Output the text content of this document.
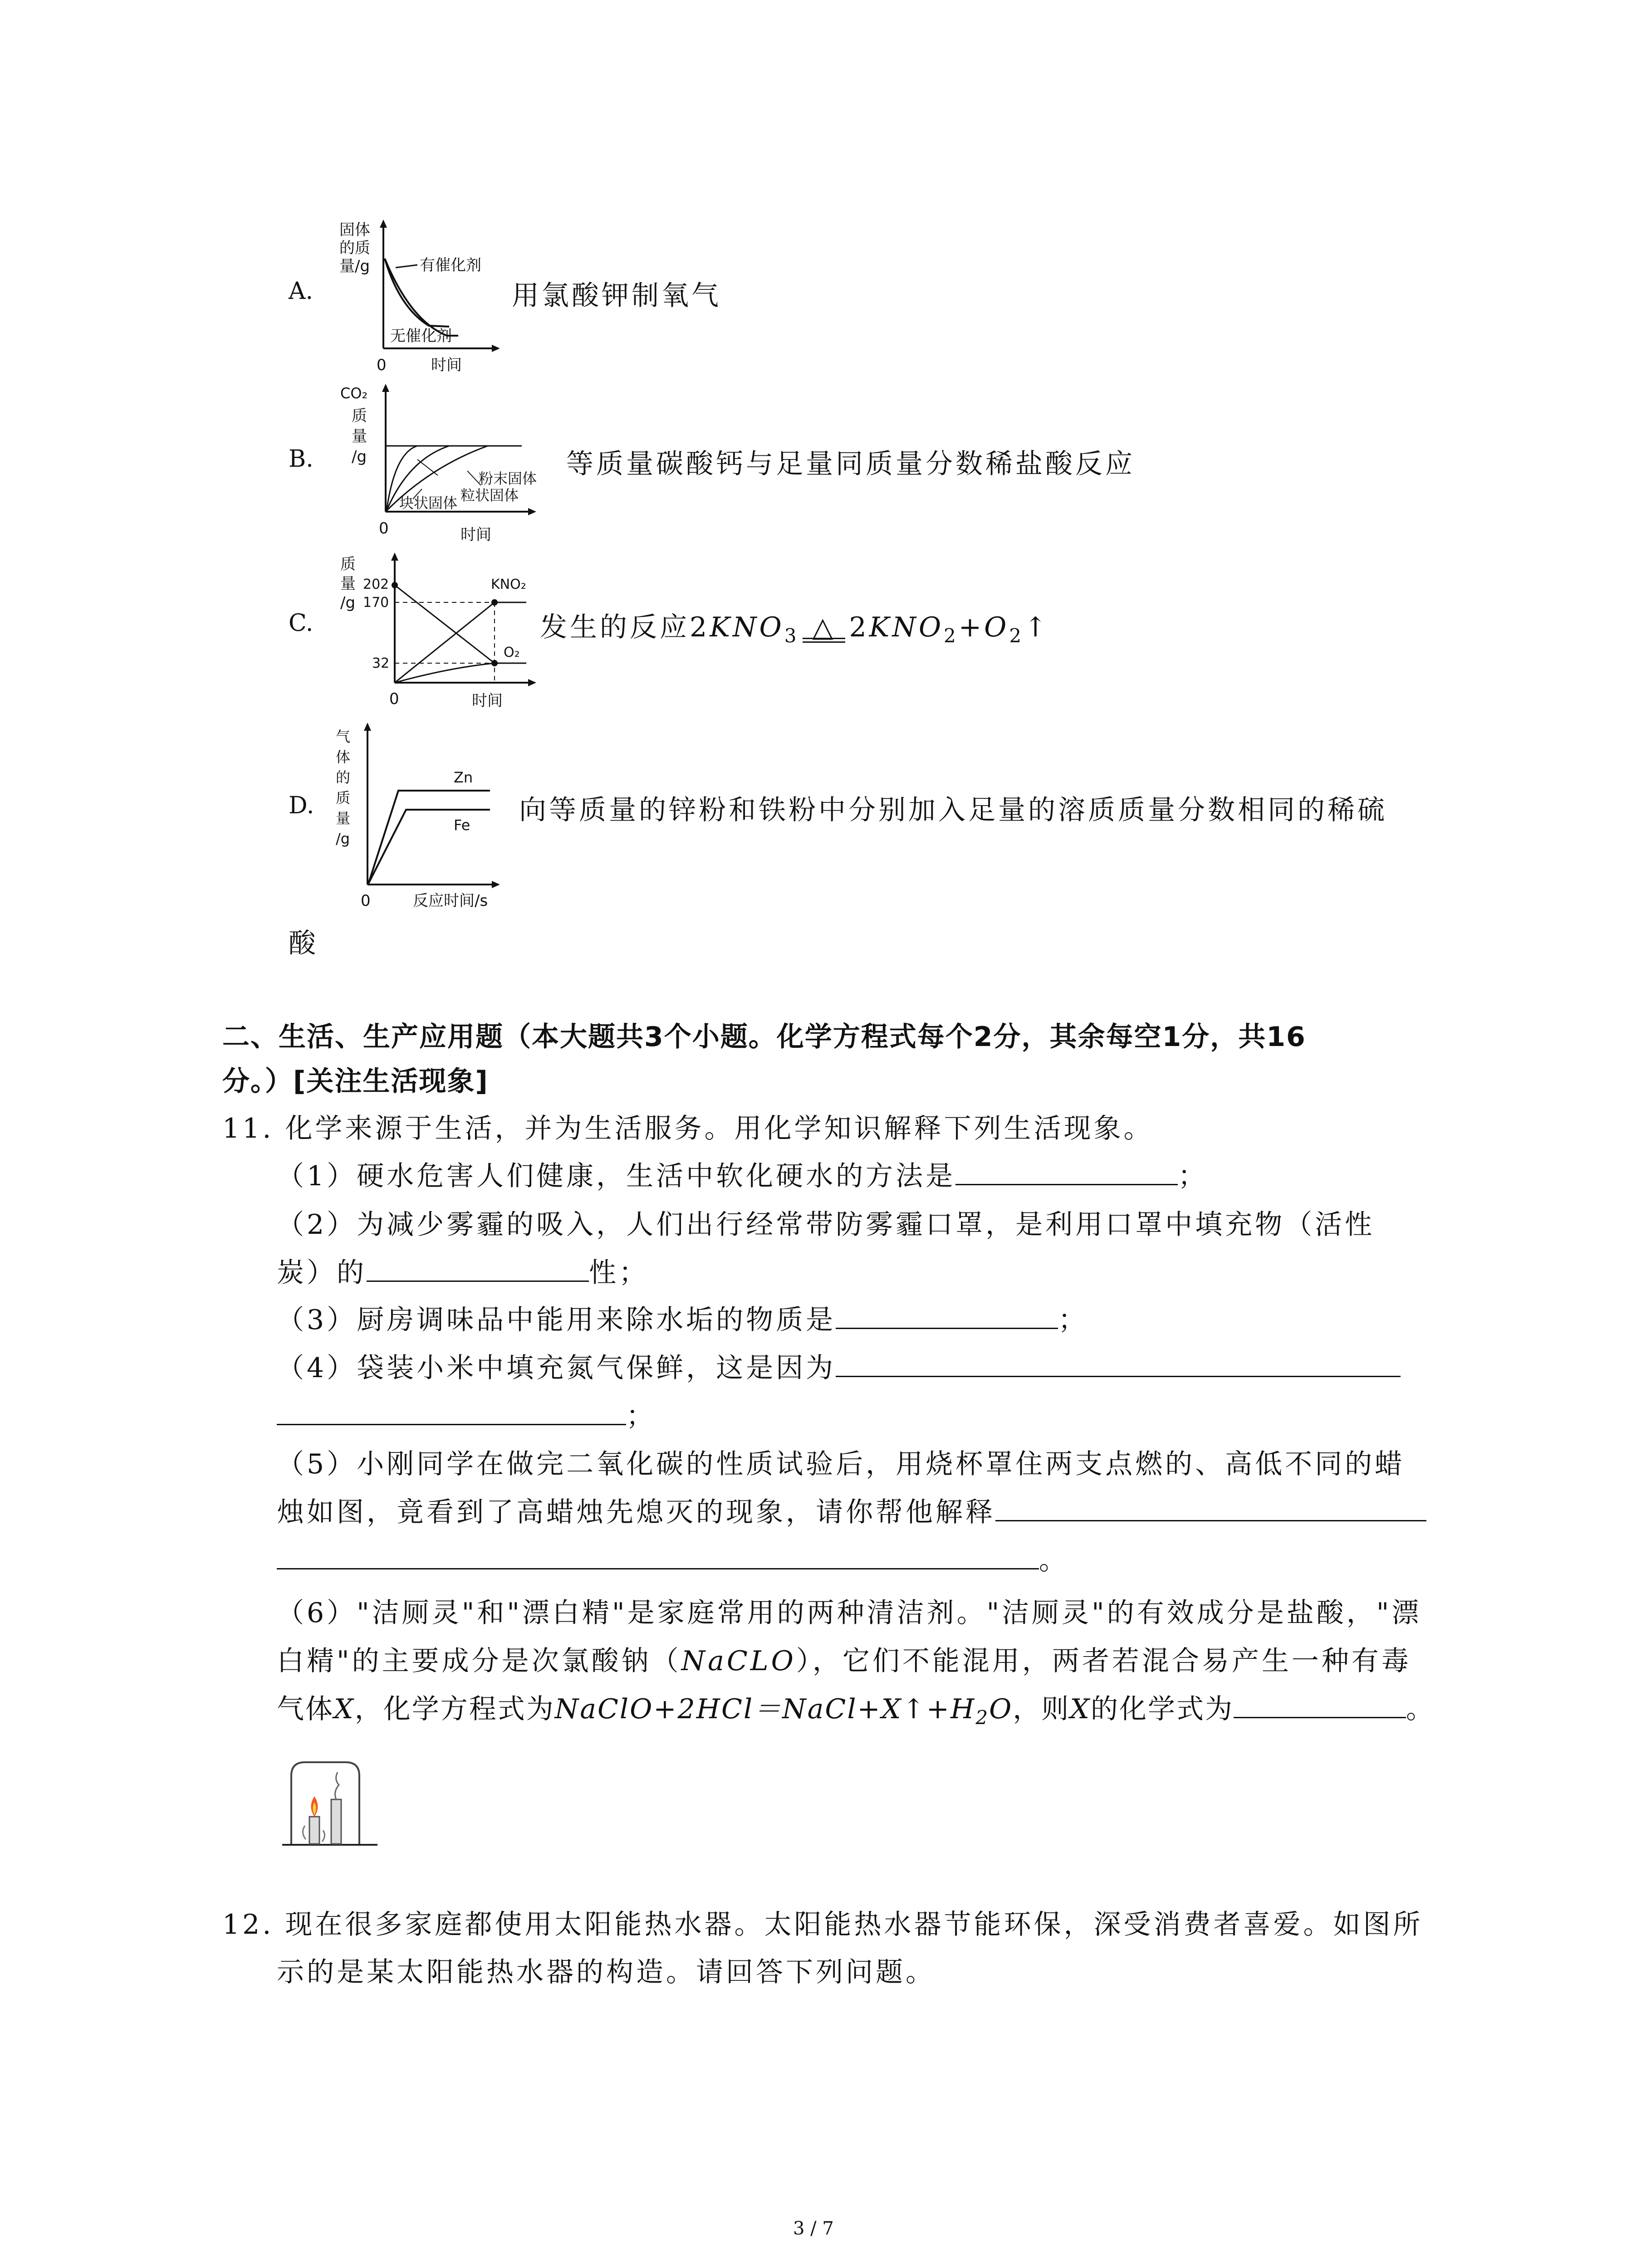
A.
固体
的质
量/g	有催化剂
无催化剂
0	时间
用氯酸钾制氧气
B.
CO₂
质
量
/g
粉末固体
粒状固体
块状固体
0	时间
等质量碳酸钙与足量同质量分数稀盐酸反应
C.
质
量
/g
202
170
32
KNO₂
O₂
0	时间
发生的反应$2KNO_3$ △ $2KNO_2+O_2↑$
D.
气
体
的
质
量
/g
Zn
Fe
0	反应时间/s
向等质量的锌粉和铁粉中分别加入足量的溶质质量分数相同的稀硫
酸
二、生活、生产应用题（本大题共3个小题。化学方程式每个2分，其余每空1分，共16
分。）[关注生活现象]
11. 化学来源于生活，并为生活服务。用化学知识解释下列生活现象。
（1）硬水危害人们健康，生活中软化硬水的方法是	；
（2）为减少雾霾的吸入，人们出行经常带防雾霾口罩，是利用口罩中填充物（活性
炭）的	性；
（3）厨房调味品中能用来除水垢的物质是	；
（4）袋装小米中填充氮气保鲜，这是因为
；
（5）小刚同学在做完二氧化碳的性质试验后，用烧杯罩住两支点燃的、高低不同的蜡
烛如图，竟看到了高蜡烛先熄灭的现象，请你帮他解释
。
（6）"洁厕灵"和"漂白精"是家庭常用的两种清洁剂。"洁厕灵"的有效成分是盐酸，"漂
白精"的主要成分是次氯酸钠（NaCLO），它们不能混用，两者若混合易产生一种有毒
气体X，化学方程式为$NaClO+2HCl=NaCl+X↑+H_2O$，则X的化学式为	。
12. 现在很多家庭都使用太阳能热水器。太阳能热水器节能环保，深受消费者喜爱。如图所
示的是某太阳能热水器的构造。请回答下列问题。
3 / 7
